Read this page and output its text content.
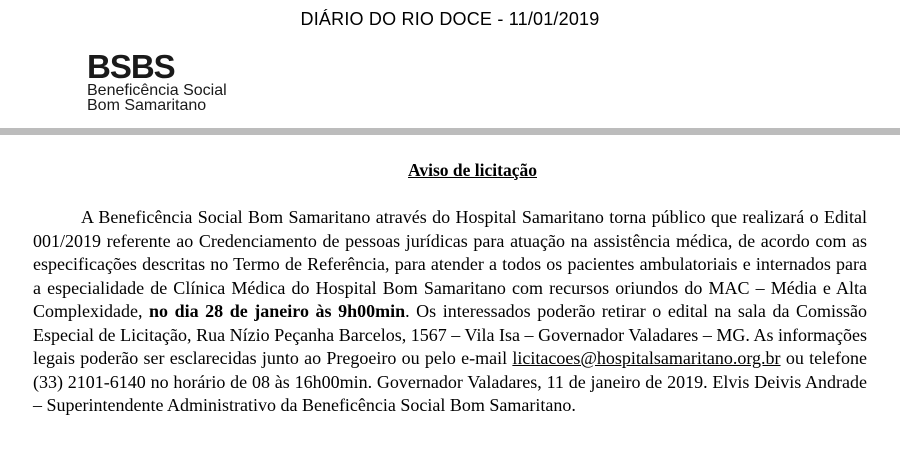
DIÁRIO DO RIO DOCE - 11/01/2019
BSBS
Beneficência Social
Bom Samaritano
Aviso de licitação

A Beneficência Social Bom Samaritano através do Hospital Samaritano torna público que realizará o Edital 001/2019 referente ao Credenciamento de pessoas jurídicas para atuação na assistência médica, de acordo com as especificações descritas no Termo de Referência, para atender a todos os pacientes ambulatoriais e internados para a especialidade de Clínica Médica do Hospital Bom Samaritano com recursos oriundos do MAC – Média e Alta Complexidade, no dia 28 de janeiro às 9h00min. Os interessados poderão retirar o edital na sala da Comissão Especial de Licitação, Rua Nízio Peçanha Barcelos, 1567 – Vila Isa – Governador Valadares – MG. As informações legais poderão ser esclarecidas junto ao Pregoeiro ou pelo e-mail licitacoes@hospitalsamaritano.org.br ou telefone (33) 2101-6140 no horário de 08 às 16h00min. Governador Valadares, 11 de janeiro de 2019. Elvis Deivis Andrade – Superintendente Administrativo da Beneficência Social Bom Samaritano.
